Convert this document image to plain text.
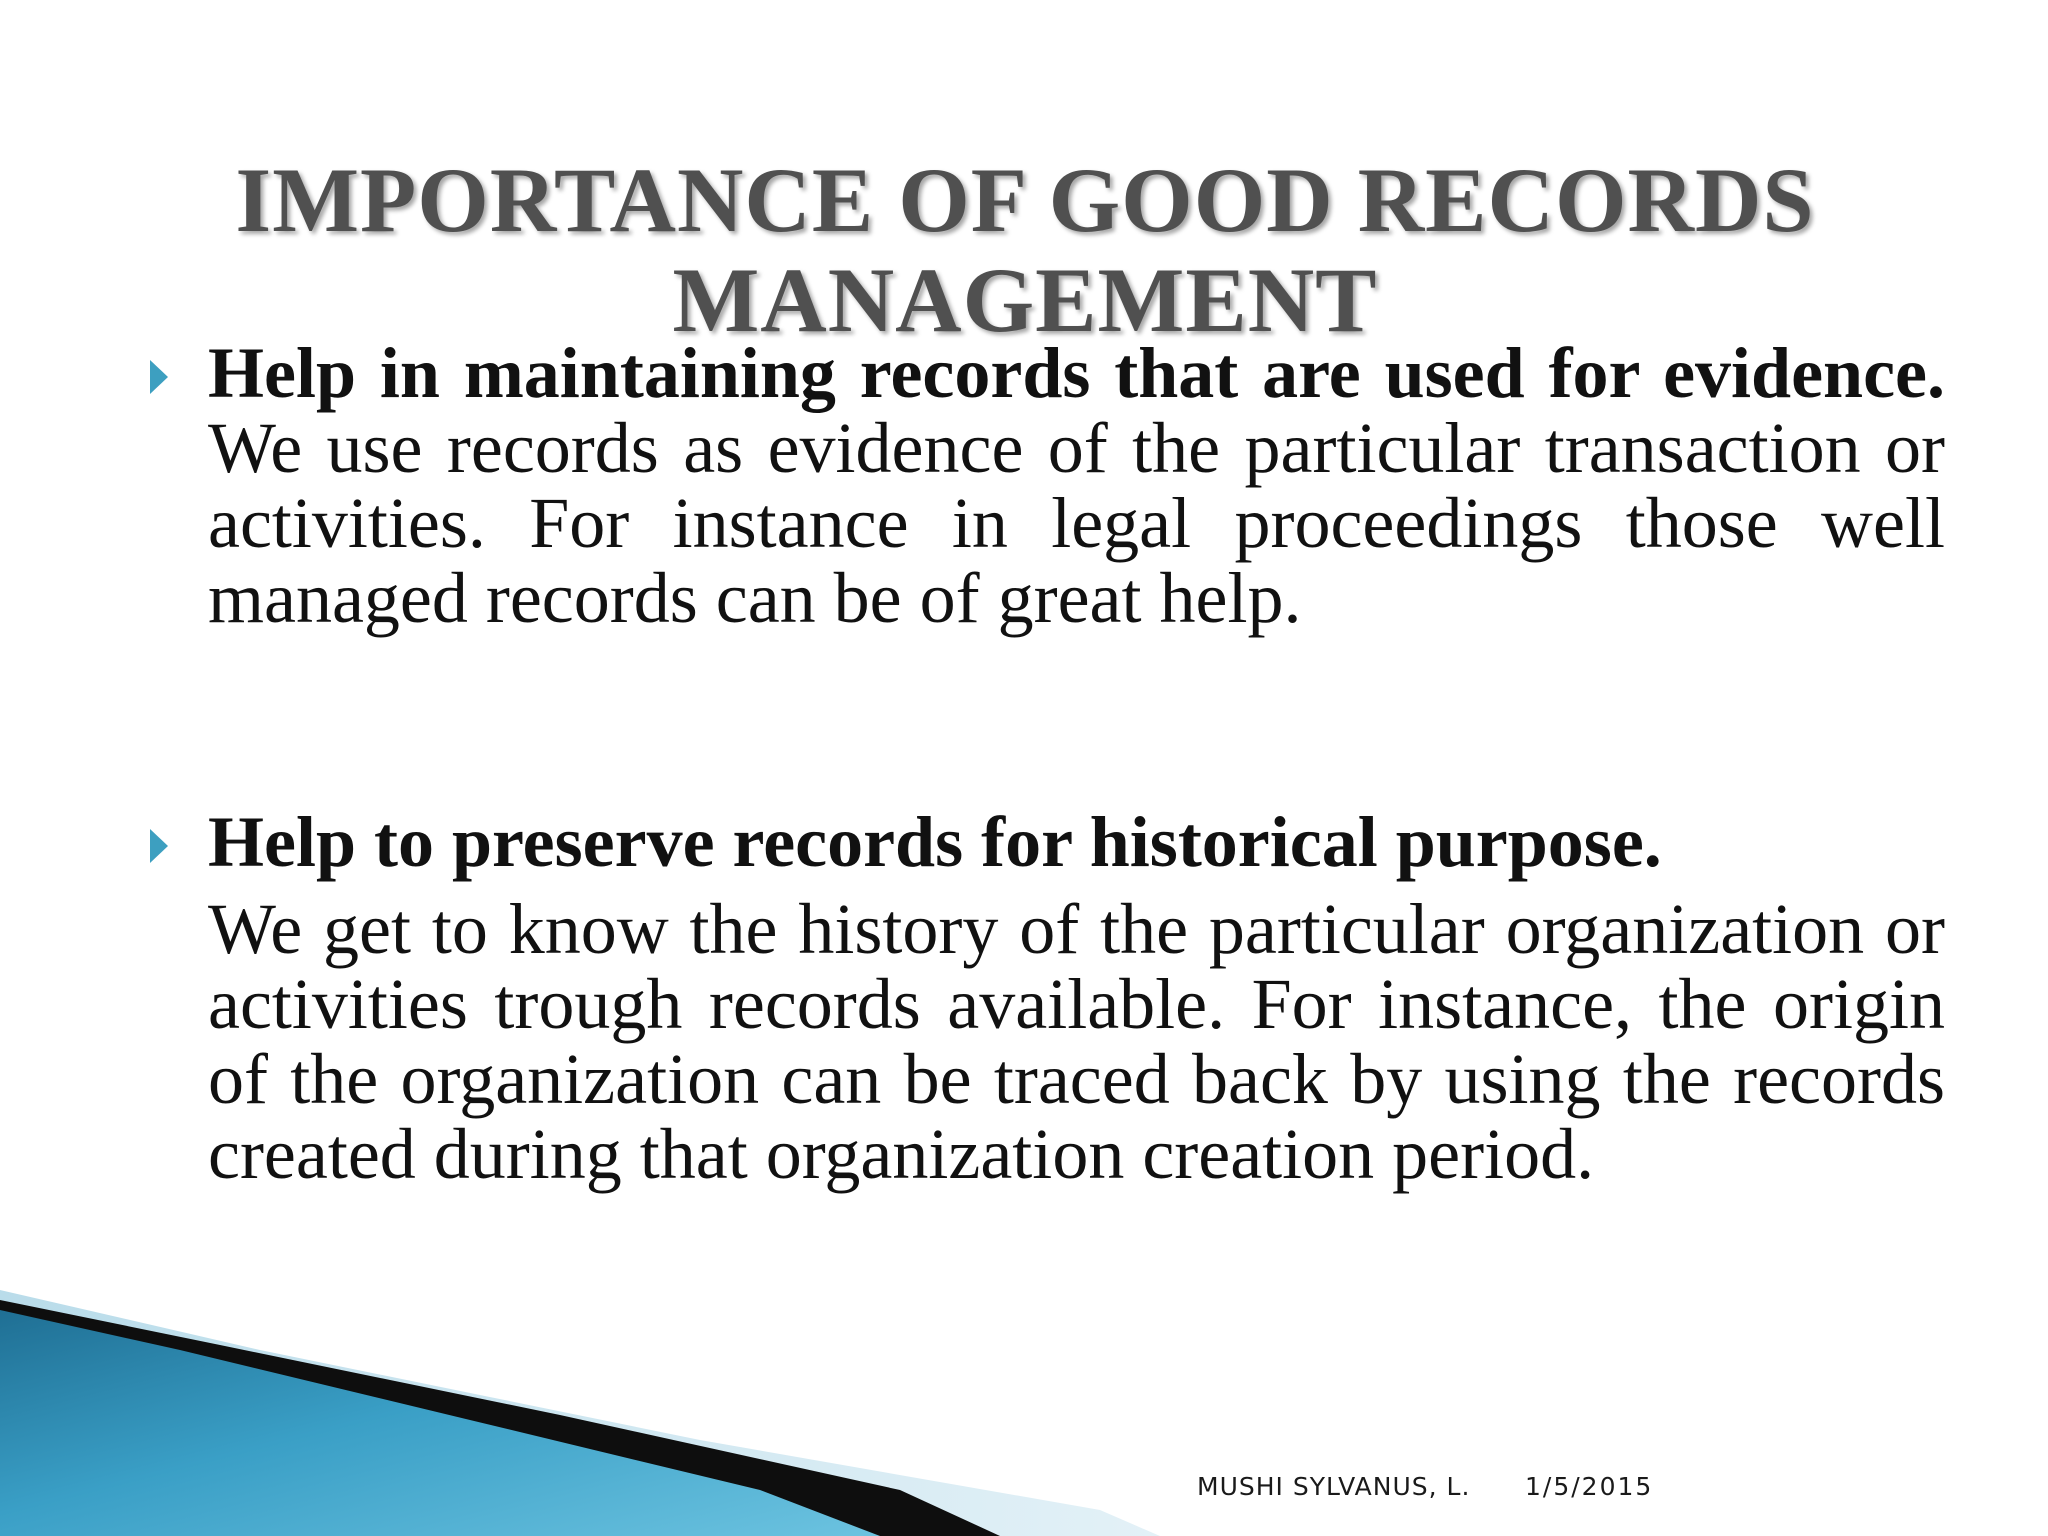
IMPORTANCE OF GOOD RECORDS MANAGEMENT
Help in maintaining records that are used for evidence. We use records as evidence of the particular transaction or activities. For instance in legal proceedings those well managed records can be of great help.
Help to preserve records for historical purpose.
We get to know the history of the particular organization or activities trough records available. For instance, the origin of the organization can be traced back by using the records created during that organization creation period.
MUSHI SYLVANUS, L. 1/5/2015
